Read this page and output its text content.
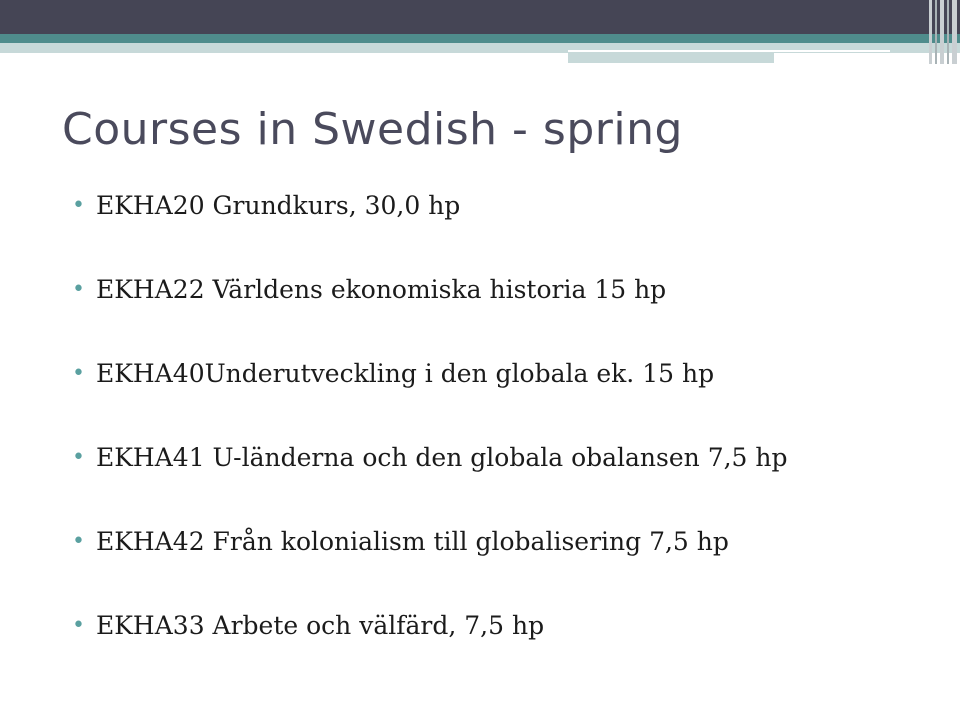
Courses in Swedish - spring
• EKHA20 Grundkurs, 30,0 hp
• EKHA22 Världens ekonomiska historia 15 hp
• EKHA40Underutveckling i den globala ek. 15 hp
• EKHA41 U-länderna och den globala obalansen 7,5 hp
• EKHA42 Från kolonialism till globalisering 7,5 hp
• EKHA33 Arbete och välfärd, 7,5 hp
